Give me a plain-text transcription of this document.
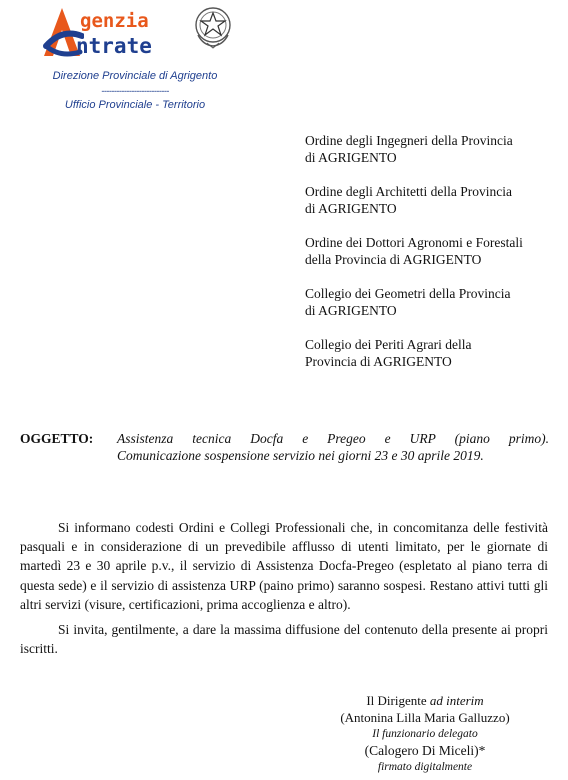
genzia
ntrate
Direzione Provinciale di Agrigento
---------------------------
Ufficio Provinciale - Territorio
Ordine degli Ingegneri della Provincia
di AGRIGENTO
Ordine degli Architetti della Provincia
di AGRIGENTO
Ordine dei Dottori Agronomi e Forestali
della Provincia di AGRIGENTO
Collegio dei Geometri della Provincia
di AGRIGENTO
Collegio dei Periti Agrari della
Provincia di AGRIGENTO
OGGETTO: Assistenza tecnica Docfa e Pregeo e URP (piano primo).
Comunicazione sospensione servizio nei giorni 23 e 30 aprile 2019.

Si informano codesti Ordini e Collegi Professionali che, in concomitanza delle festività pasquali e in considerazione di un prevedibile afflusso di utenti limitato, per le giornate di martedì 23 e 30 aprile p.v., il servizio di Assistenza Docfa-Pregeo (espletato al piano terra di questa sede) e il servizio di assistenza URP (paino primo) saranno sospesi. Restano attivi tutti gli altri servizi (visure, certificazioni, prima accoglienza e altro).

Si invita, gentilmente, a dare la massima diffusione del contenuto della presente ai propri iscritti.

Il Dirigente ad interim
(Antonina Lilla Maria Galluzzo)
Il funzionario delegato
(Calogero Di Miceli)*
firmato digitalmente
